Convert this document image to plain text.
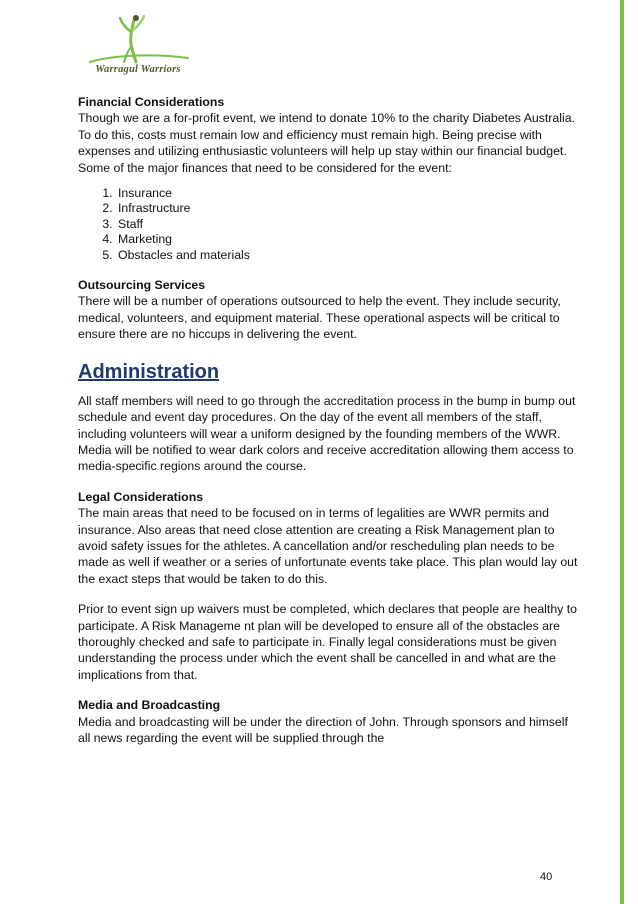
Warragul Warriors

Financial Considerations

Though we are a for-profit event, we intend to donate 10% to the charity Diabetes Australia. To do this, costs must remain low and efficiency must remain high. Being precise with expenses and utilizing enthusiastic volunteers will help up stay within our financial budget.

Some of the major finances that need to be considered for the event:

1. Insurance
2. Infrastructure
3. Staff
4. Marketing
5. Obstacles and materials

Outsourcing Services

There will be a number of operations outsourced to help the event. They include security, medical, volunteers, and equipment material. These operational aspects will be critical to ensure there are no hiccups in delivering the event.

Administration

All staff members will need to go through the accreditation process in the bump in bump out schedule and event day procedures. On the day of the event all members of the staff, including volunteers will wear a uniform designed by the founding members of the WWR. Media will be notified to wear dark colors and receive accreditation allowing them access to media-specific regions around the course.

Legal Considerations

The main areas that need to be focused on in terms of legalities are WWR permits and insurance. Also areas that need close attention are creating a Risk Management plan to avoid safety issues for the athletes. A cancellation and/or rescheduling plan needs to be made as well if weather or a series of unfortunate events take place. This plan would lay out the exact steps that would be taken to do this.

Prior to event sign up waivers must be completed, which declares that people are healthy to participate. A Risk Manageme nt plan will be developed to ensure all of the obstacles are thoroughly checked and safe to participate in. Finally legal considerations must be given understanding the process under which the event shall be cancelled in and what are the implications from that.

Media and Broadcasting

Media and broadcasting will be under the direction of John. Through sponsors and himself all news regarding the event will be supplied through the

40
